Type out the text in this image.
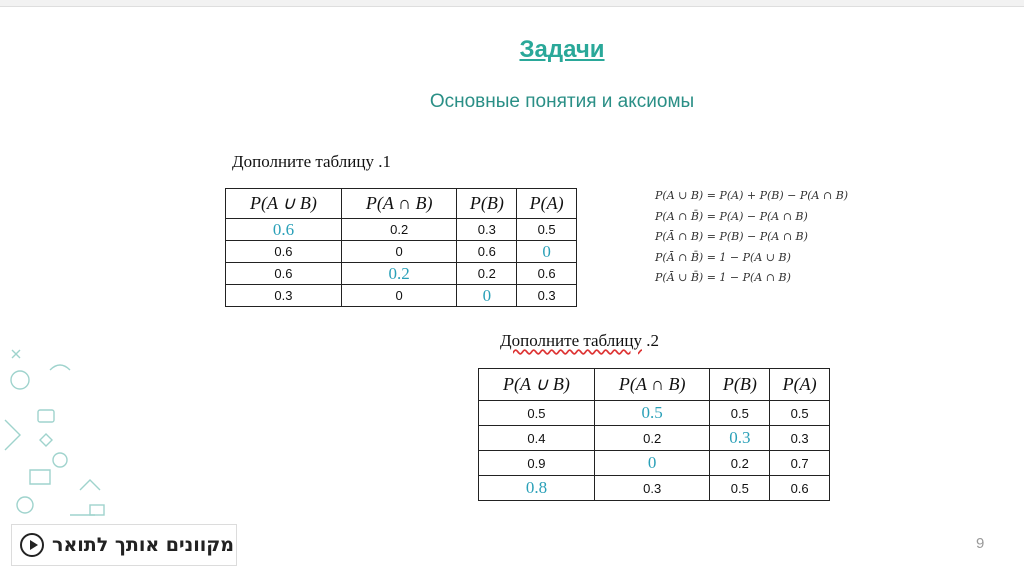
Задачи
Основные понятия и аксиомы
Дополните таблицу .1
P(A ∪ B)	P(A ∩ B)	P(B)	P(A)
0.6	0.2	0.3	0.5
0.6	0	0.6	0
0.6	0.2	0.2	0.6
0.3	0	0	0.3
P(A ∪ B) = P(A) + P(B) − P(A ∩ B)
P(A ∩ B̄) = P(A) − P(A ∩ B)
P(Ā ∩ B) = P(B) − P(A ∩ B)
P(Ā ∩ B̄) = 1 − P(A ∪ B)
P(Ā ∪ B̄) = 1 − P(A ∩ B)
Дополните таблицу .2
P(A ∪ B)	P(A ∩ B)	P(B)	P(A)
0.5	0.5	0.5	0.5
0.4	0.2	0.3	0.3
0.9	0	0.2	0.7
0.8	0.3	0.5	0.6
מקוונים אותך לתואר	9
